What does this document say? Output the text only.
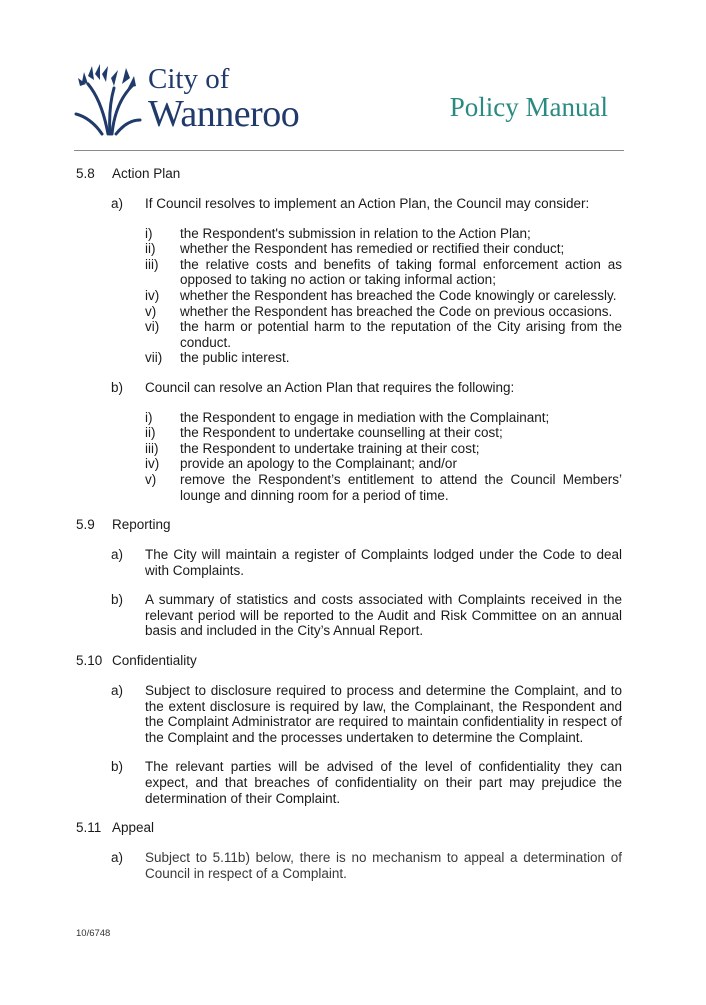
City of
Wanneroo	Policy Manual
5.8	Action Plan
a)	If Council resolves to implement an Action Plan, the Council may consider:
i)	the Respondent's submission in relation to the Action Plan;
ii)	whether the Respondent has remedied or rectified their conduct;
iii)	the relative costs and benefits of taking formal enforcement action as opposed to taking no action or taking informal action;
iv)	whether the Respondent has breached the Code knowingly or carelessly.
v)	whether the Respondent has breached the Code on previous occasions.
vi)	the harm or potential harm to the reputation of the City arising from the conduct.
vii)	the public interest.
b)	Council can resolve an Action Plan that requires the following:
i)	the Respondent to engage in mediation with the Complainant;
ii)	the Respondent to undertake counselling at their cost;
iii)	the Respondent to undertake training at their cost;
iv)	provide an apology to the Complainant; and/or
v)	remove the Respondent’s entitlement to attend the Council Members’ lounge and dinning room for a period of time.
5.9	Reporting
a)	The City will maintain a register of Complaints lodged under the Code to deal with Complaints.
b)	A summary of statistics and costs associated with Complaints received in the relevant period will be reported to the Audit and Risk Committee on an annual basis and included in the City’s Annual Report.
5.10 Confidentiality
a)	Subject to disclosure required to process and determine the Complaint, and to the extent disclosure is required by law, the Complainant, the Respondent and the Complaint Administrator are required to maintain confidentiality in respect of the Complaint and the processes undertaken to determine the Complaint.
b)	The relevant parties will be advised of the level of confidentiality they can expect, and that breaches of confidentiality on their part may prejudice the determination of their Complaint.
5.11 Appeal
a)	Subject to 5.11b) below, there is no mechanism to appeal a determination of Council in respect of a Complaint.
10/6748
